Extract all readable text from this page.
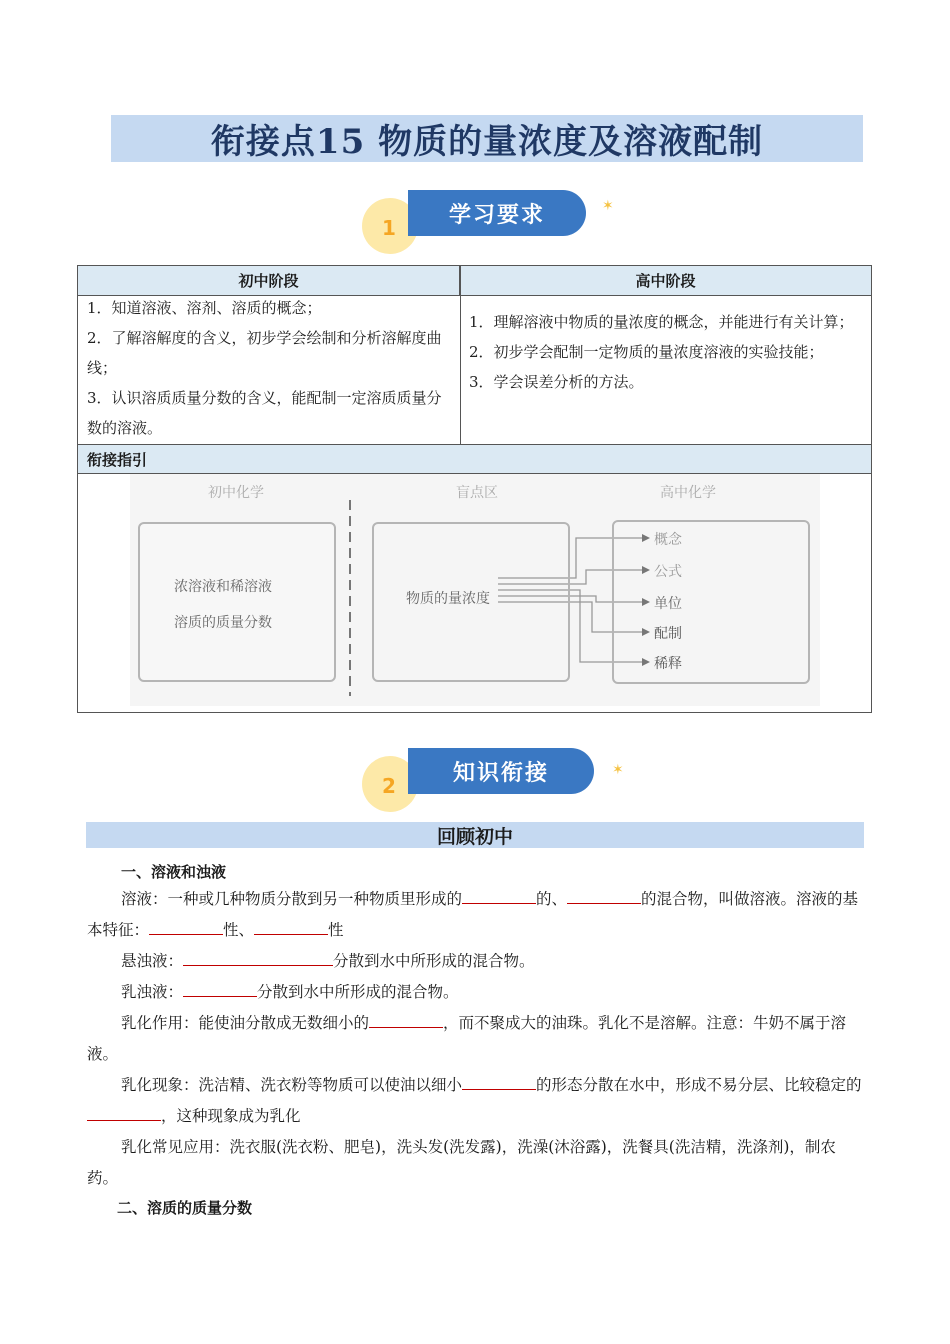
衔接点15 物质的量浓度及溶液配制
1
学习要求	✶
初中阶段	高中阶段

1．知道溶液、溶剂、溶质的概念；

2．了解溶解度的含义，初步学会绘制和分析溶解度曲线；

3．认识溶质质量分数的含义，能配制一定溶质质量分数的溶液。

1．理解溶液中物质的量浓度的概念，并能进行有关计算；

2．初步学会配制一定物质的量浓度溶液的实验技能；

3．学会误差分析的方法。

衔接指引
初中化学	盲点区	高中化学
浓溶液和稀溶液
溶质的质量分数
物质的量浓度
概念
公式
单位
配制
稀释
2
知识衔接	✶
回顾初中
一、溶液和浊液

溶液：一种或几种物质分散到另一种物质里形成的	的、	的混合物，叫做溶液。溶液的基本特征：	性、	性

悬浊液：	分散到水中所形成的混合物。

乳浊液：	分散到水中所形成的混合物。

乳化作用：能使油分散成无数细小的	，而不聚成大的油珠。乳化不是溶解。注意：牛奶不属于溶液。

乳化现象：洗洁精、洗衣粉等物质可以使油以细小	的形态分散在水中，形成不易分层、比较稳定的，这种现象成为乳化

乳化常见应用：洗衣服(洗衣粉、肥皂)，洗头发(洗发露)，洗澡(沐浴露)，洗餐具(洗洁精，洗涤剂)，制农药。

二、溶质的质量分数
